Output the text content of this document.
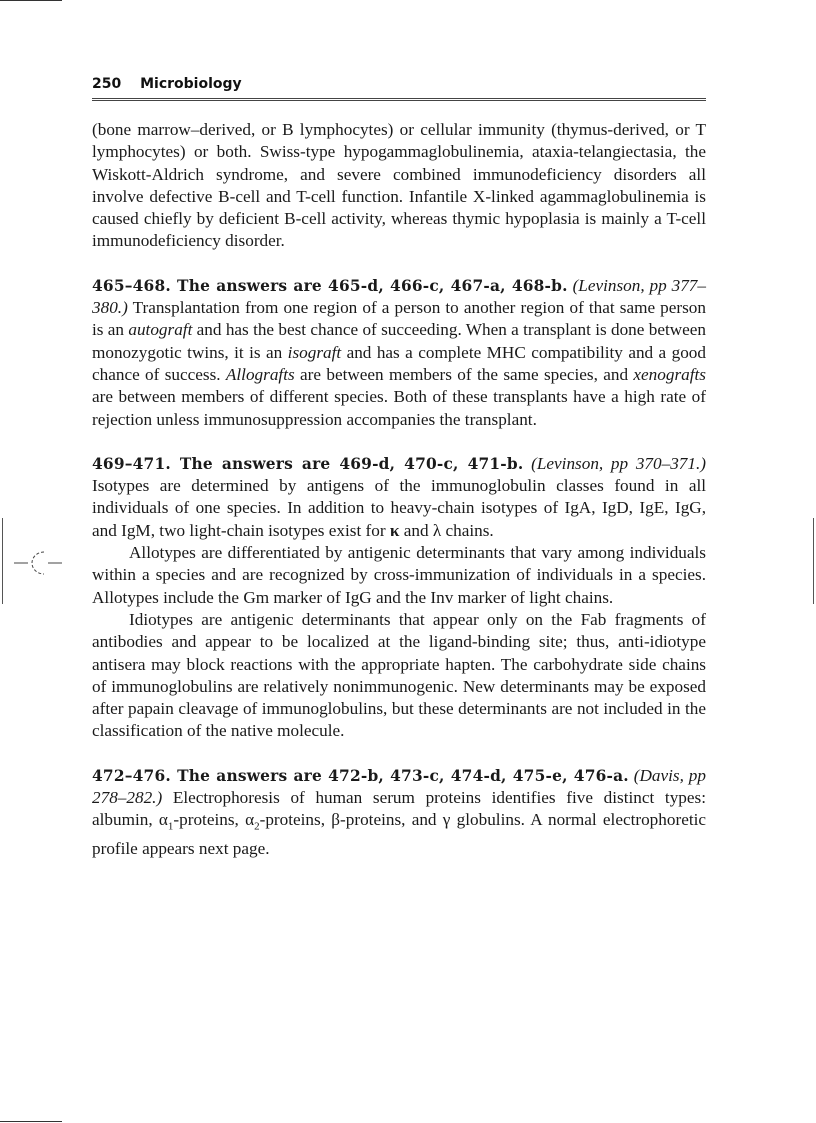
250 Microbiology

(bone marrow–derived, or B lymphocytes) or cellular immunity (thymus-derived, or T lymphocytes) or both. Swiss-type hypogammaglobulinemia, ataxia-telangiectasia, the Wiskott-Aldrich syndrome, and severe combined immunodeficiency disorders all involve defective B-cell and T-cell function. Infantile X-linked agammaglobulinemia is caused chiefly by deficient B-cell activity, whereas thymic hypoplasia is mainly a T-cell immunodeficiency disorder.

465–468. The answers are 465-d, 466-c, 467-a, 468-b. (Levinson, pp 377–380.) Transplantation from one region of a person to another region of that same person is an autograft and has the best chance of succeeding. When a transplant is done between monozygotic twins, it is an isograft and has a complete MHC compatibility and a good chance of success. Allografts are between members of the same species, and xenografts are between members of different species. Both of these transplants have a high rate of rejection unless immunosuppression accompanies the transplant.

469–471. The answers are 469-d, 470-c, 471-b. (Levinson, pp 370–371.) Isotypes are determined by antigens of the immunoglobulin classes found in all individuals of one species. In addition to heavy-chain isotypes of IgA, IgD, IgE, IgG, and IgM, two light-chain isotypes exist for κ and λ chains.

Allotypes are differentiated by antigenic determinants that vary among individuals within a species and are recognized by cross-immunization of individuals in a species. Allotypes include the Gm marker of IgG and the Inv marker of light chains.

Idiotypes are antigenic determinants that appear only on the Fab fragments of antibodies and appear to be localized at the ligand-binding site; thus, anti-idiotype antisera may block reactions with the appropriate hapten. The carbohydrate side chains of immunoglobulins are relatively nonimmunogenic. New determinants may be exposed after papain cleavage of immunoglobulins, but these determinants are not included in the classification of the native molecule.

472–476. The answers are 472-b, 473-c, 474-d, 475-e, 476-a. (Davis, pp 278–282.) Electrophoresis of human serum proteins identifies five distinct types: albumin, $\alpha_1$-proteins, $\alpha_2$-proteins, β-proteins, and γ globulins. A normal electrophoretic profile appears next page.
